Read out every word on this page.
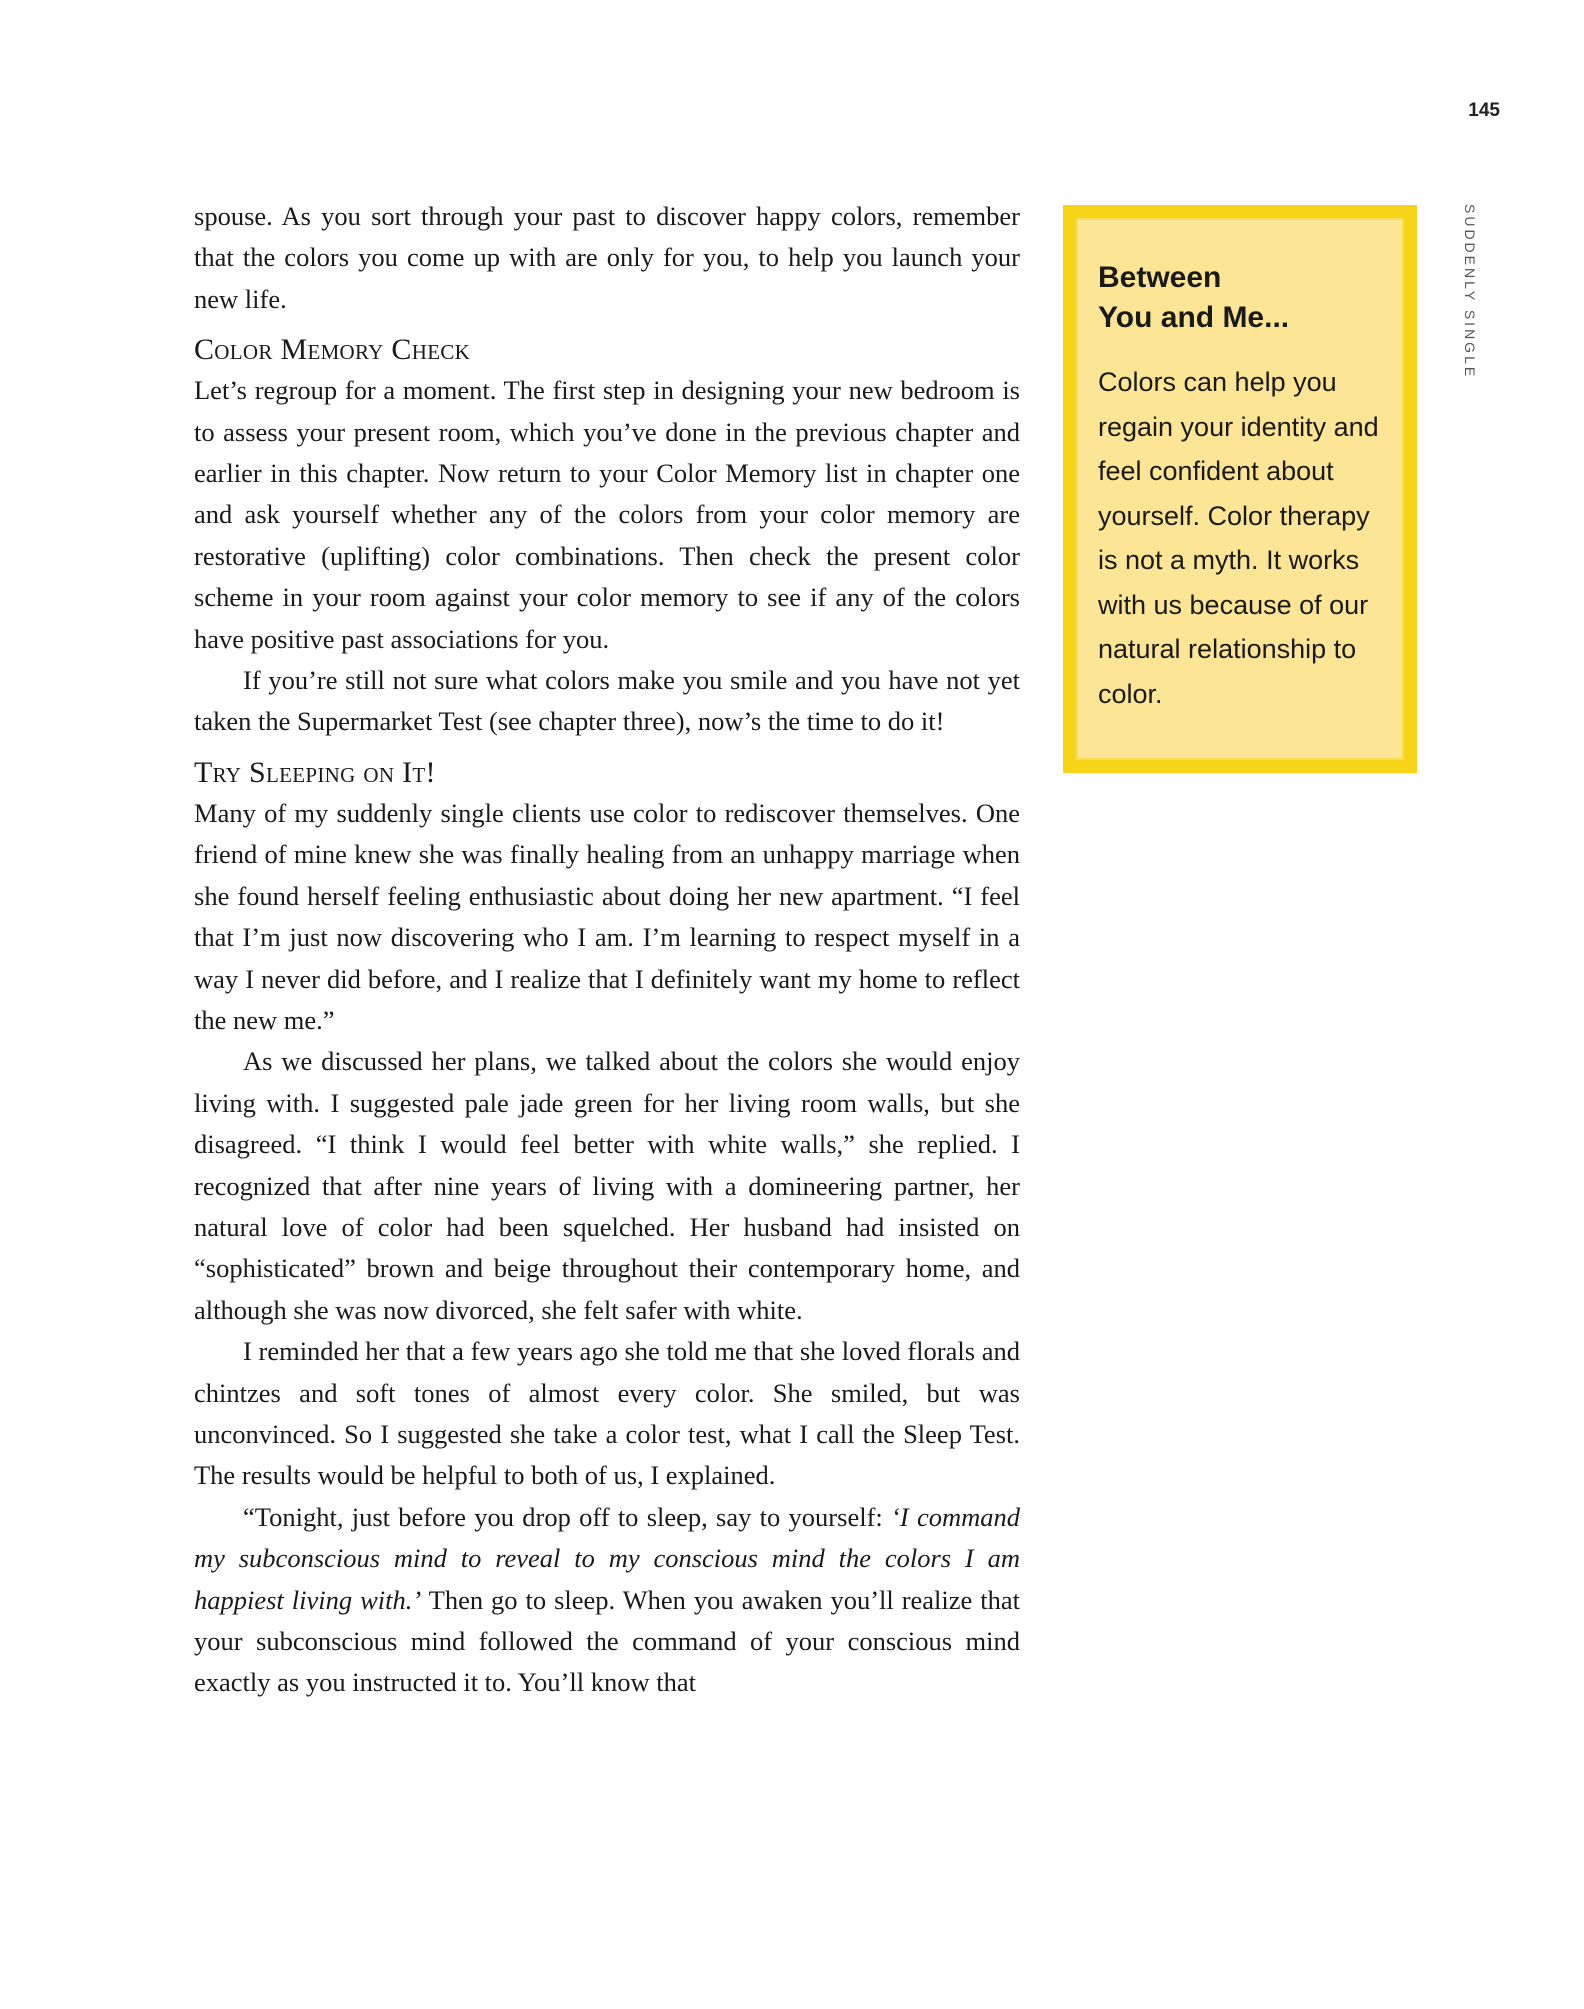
145
SUDDENLY SINGLE

spouse. As you sort through your past to discover happy colors, remember that the colors you come up with are only for you, to help you launch your new life.

Color Memory Check

Let’s regroup for a moment. The first step in designing your new bedroom is to assess your present room, which you’ve done in the previous chapter and earlier in this chapter. Now return to your Color Memory list in chapter one and ask yourself whether any of the colors from your color memory are restorative (uplifting) color combinations. Then check the present color scheme in your room against your color memory to see if any of the colors have positive past associations for you.

If you’re still not sure what colors make you smile and you have not yet taken the Supermarket Test (see chapter three), now’s the time to do it!

Try Sleeping on It!

Many of my suddenly single clients use color to rediscover themselves. One friend of mine knew she was finally healing from an unhappy marriage when she found herself feeling enthusiastic about doing her new apartment. “I feel that I’m just now discovering who I am. I’m learning to respect myself in a way I never did before, and I realize that I definitely want my home to reflect the new me.”

As we discussed her plans, we talked about the colors she would enjoy living with. I suggested pale jade green for her living room walls, but she disagreed. “I think I would feel better with white walls,” she replied. I recognized that after nine years of living with a domineering partner, her natural love of color had been squelched. Her husband had insisted on “sophisticated” brown and beige throughout their contemporary home, and although she was now divorced, she felt safer with white.

I reminded her that a few years ago she told me that she loved florals and chintzes and soft tones of almost every color. She smiled, but was unconvinced. So I suggested she take a color test, what I call the Sleep Test. The results would be helpful to both of us, I explained.

“Tonight, just before you drop off to sleep, say to yourself: ‘I command my subconscious mind to reveal to my conscious mind the colors I am happiest living with.’ Then go to sleep. When you awaken you’ll realize that your subconscious mind followed the command of your conscious mind exactly as you instructed it to. You’ll know that

Between
You and Me...

Colors can help you regain your identity and feel confident about yourself. Color therapy is not a myth. It works with us because of our natural relationship to color.
